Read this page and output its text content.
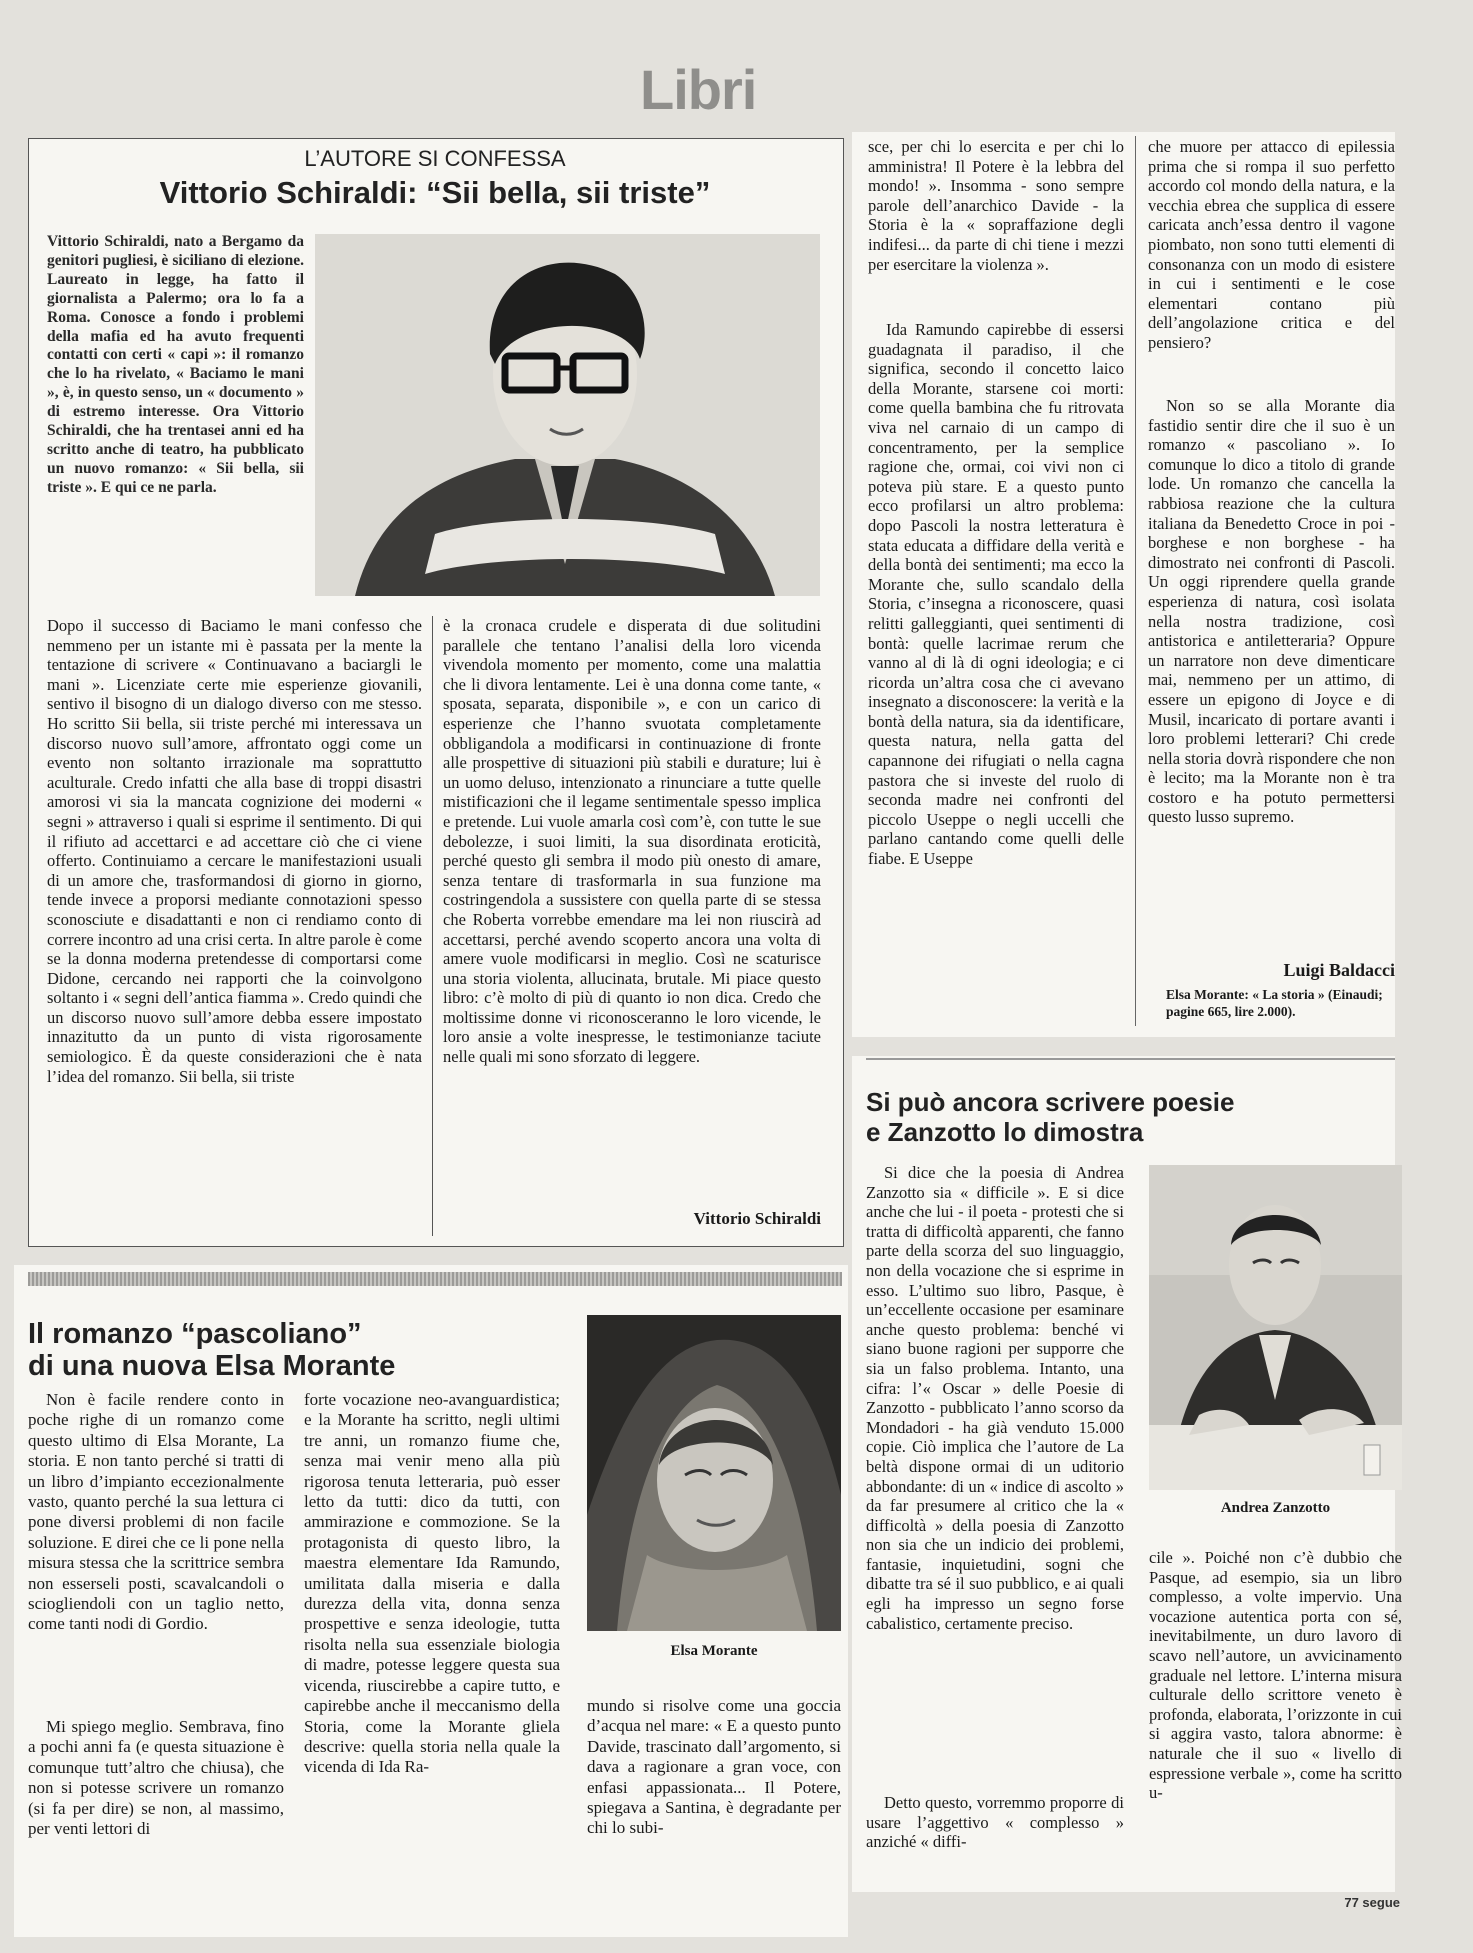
Libri
L’AUTORE SI CONFESSA
Vittorio Schiraldi: “Sii bella, sii triste”
Vittorio Schiraldi, nato a Bergamo da genitori pugliesi, è siciliano di elezione. Laureato in legge, ha fatto il giornalista a Palermo; ora lo fa a Roma. Conosce a fondo i problemi della mafia ed ha avuto frequenti contatti con certi « capi »: il romanzo che lo ha rivelato, « Baciamo le mani », è, in questo senso, un « documento » di estremo interesse. Ora Vittorio Schiraldi, che ha trentasei anni ed ha scritto anche di teatro, ha pubblicato un nuovo romanzo: « Sii bella, sii triste ». E qui ce ne parla.
Dopo il successo di Baciamo le mani confesso che nemmeno per un istante mi è passata per la mente la tentazione di scrivere « Continuavano a baciargli le mani ». Licenziate certe mie esperienze giovanili, sentivo il bisogno di un dialogo diverso con me stesso. Ho scritto Sii bella, sii triste perché mi interessava un discorso nuovo sull’amore, affrontato oggi come un evento non soltanto irrazionale ma soprattutto aculturale. Credo infatti che alla base di troppi disastri amorosi vi sia la mancata cognizione dei moderni « segni » attraverso i quali si esprime il sentimento. Di qui il rifiuto ad accettarci e ad accettare ciò che ci viene offerto. Continuiamo a cercare le manifestazioni usuali di un amore che, trasformandosi di giorno in giorno, tende invece a proporsi mediante connotazioni spesso sconosciute e disadattanti e non ci rendiamo conto di correre incontro ad una crisi certa. In altre parole è come se la donna moderna pretendesse di comportarsi come Didone, cercando nei rapporti che la coinvolgono soltanto i « segni dell’antica fiamma ». Credo quindi che un discorso nuovo sull’amore debba essere impostato innazitutto da un punto di vista rigorosamente semiologico. È da queste considerazioni che è nata l’idea del romanzo. Sii bella, sii triste
è la cronaca crudele e disperata di due solitudini parallele che tentano l’analisi della loro vicenda vivendola momento per momento, come una malattia che li divora lentamente. Lei è una donna come tante, « sposata, separata, disponibile », e con un carico di esperienze che l’hanno svuotata completamente obbligandola a modificarsi in continuazione di fronte alle prospettive di situazioni più stabili e durature; lui è un uomo deluso, intenzionato a rinunciare a tutte quelle mistificazioni che il legame sentimentale spesso implica e pretende. Lui vuole amarla così com’è, con tutte le sue debolezze, i suoi limiti, la sua disordinata eroticità, perché questo gli sembra il modo più onesto di amare, senza tentare di trasformarla in sua funzione ma costringendola a sussistere con quella parte di se stessa che Roberta vorrebbe emendare ma lei non riuscirà ad accettarsi, perché avendo scoperto ancora una volta di amere vuole modificarsi in meglio. Così ne scaturisce una storia violenta, allucinata, brutale. Mi piace questo libro: c’è molto di più di quanto io non dica. Credo che moltissime donne vi riconosceranno le loro vicende, le loro ansie a volte inespresse, le testimonianze taciute nelle quali mi sono sforzato di leggere.
Vittorio Schiraldi
sce, per chi lo esercita e per chi lo amministra! Il Potere è la lebbra del mondo! ». Insomma - sono sempre parole dell’anarchico Davide - la Storia è la « sopraffazione degli indifesi... da parte di chi tiene i mezzi per esercitare la violenza ».
Ida Ramundo capirebbe di essersi guadagnata il paradiso, il che significa, secondo il concetto laico della Morante, starsene coi morti: come quella bambina che fu ritrovata viva nel carnaio di un campo di concentramento, per la semplice ragione che, ormai, coi vivi non ci poteva più stare. E a questo punto ecco profilarsi un altro problema: dopo Pascoli la nostra letteratura è stata educata a diffidare della verità e della bontà dei sentimenti; ma ecco la Morante che, sullo scandalo della Storia, c’insegna a riconoscere, quasi relitti galleggianti, quei sentimenti di bontà: quelle lacrimae rerum che vanno al di là di ogni ideologia; e ci ricorda un’altra cosa che ci avevano insegnato a disconoscere: la verità e la bontà della natura, sia da identificare, questa natura, nella gatta del capannone dei rifugiati o nella cagna pastora che si investe del ruolo di seconda madre nei confronti del piccolo Useppe o negli uccelli che parlano cantando come quelli delle fiabe. E Useppe
che muore per attacco di epilessia prima che si rompa il suo perfetto accordo col mondo della natura, e la vecchia ebrea che supplica di essere caricata anch’essa dentro il vagone piombato, non sono tutti elementi di consonanza con un modo di esistere in cui i sentimenti e le cose elementari contano più dell’angolazione critica e del pensiero?
Non so se alla Morante dia fastidio sentir dire che il suo è un romanzo « pascoliano ». Io comunque lo dico a titolo di grande lode. Un romanzo che cancella la rabbiosa reazione che la cultura italiana da Benedetto Croce in poi - borghese e non borghese - ha dimostrato nei confronti di Pascoli. Un oggi riprendere quella grande esperienza di natura, così isolata nella nostra tradizione, così antistorica e antiletteraria? Oppure un narratore non deve dimenticare mai, nemmeno per un attimo, di essere un epigono di Joyce e di Musil, incaricato di portare avanti i loro problemi letterari? Chi crede nella storia dovrà rispondere che non è lecito; ma la Morante non è tra costoro e ha potuto permettersi questo lusso supremo.
Luigi Baldacci
Elsa Morante: « La storia » (Einaudi; pagine 665, lire 2.000).
Il romanzo “pascoliano”
di una nuova Elsa Morante
Non è facile rendere conto in poche righe di un romanzo come questo ultimo di Elsa Morante, La storia. E non tanto perché si tratti di un libro d’impianto eccezionalmente vasto, quanto perché la sua lettura ci pone diversi problemi di non facile soluzione. E direi che ce li pone nella misura stessa che la scrittrice sembra non esserseli posti, scavalcandoli o sciogliendoli con un taglio netto, come tanti nodi di Gordio.
Mi spiego meglio. Sembrava, fino a pochi anni fa (e questa situazione è comunque tutt’altro che chiusa), che non si potesse scrivere un romanzo (si fa per dire) se non, al massimo, per venti lettori di
forte vocazione neo-avanguardistica; e la Morante ha scritto, negli ultimi tre anni, un romanzo fiume che, senza mai venir meno alla più rigorosa tenuta letteraria, può esser letto da tutti: dico da tutti, con ammirazione e commozione. Se la protagonista di questo libro, la maestra elementare Ida Ramundo, umilitata dalla miseria e dalla durezza della vita, donna senza prospettive e senza ideologie, tutta risolta nella sua essenziale biologia di madre, potesse leggere questa sua vicenda, riuscirebbe a capire tutto, e capirebbe anche il meccanismo della Storia, come la Morante gliela descrive: quella storia nella quale la vicenda di Ida Ra-
Elsa Morante
mundo si risolve come una goccia d’acqua nel mare: « E a questo punto Davide, trascinato dall’argomento, si dava a ragionare a gran voce, con enfasi appassionata... Il Potere, spiegava a Santina, è degradante per chi lo subi-
Si può ancora scrivere poesie
e Zanzotto lo dimostra
Si dice che la poesia di Andrea Zanzotto sia « difficile ». E si dice anche che lui - il poeta - protesti che si tratta di difficoltà apparenti, che fanno parte della scorza del suo linguaggio, non della vocazione che si esprime in esso. L’ultimo suo libro, Pasque, è un’eccellente occasione per esaminare anche questo problema: benché vi siano buone ragioni per supporre che sia un falso problema. Intanto, una cifra: l’« Oscar » delle Poesie di Zanzotto - pubblicato l’anno scorso da Mondadori - ha già venduto 15.000 copie. Ciò implica che l’autore de La beltà dispone ormai di un uditorio abbondante: di un « indice di ascolto » da far presumere al critico che la « difficoltà » della poesia di Zanzotto non sia che un indicio dei problemi, fantasie, inquietudini, sogni che dibatte tra sé il suo pubblico, e ai quali egli ha impresso un segno forse cabalistico, certamente preciso.
Detto questo, vorremmo proporre di usare l’aggettivo « complesso » anziché « diffi-
Andrea Zanzotto
cile ». Poiché non c’è dubbio che Pasque, ad esempio, sia un libro complesso, a volte impervio. Una vocazione autentica porta con sé, inevitabilmente, un duro lavoro di scavo nell’autore, un avvicinamento graduale nel lettore. L’interna misura culturale dello scrittore veneto è profonda, elaborata, l’orizzonte in cui si aggira vasto, talora abnorme: è naturale che il suo « livello di espressione verbale », come ha scritto u-
77 segue
